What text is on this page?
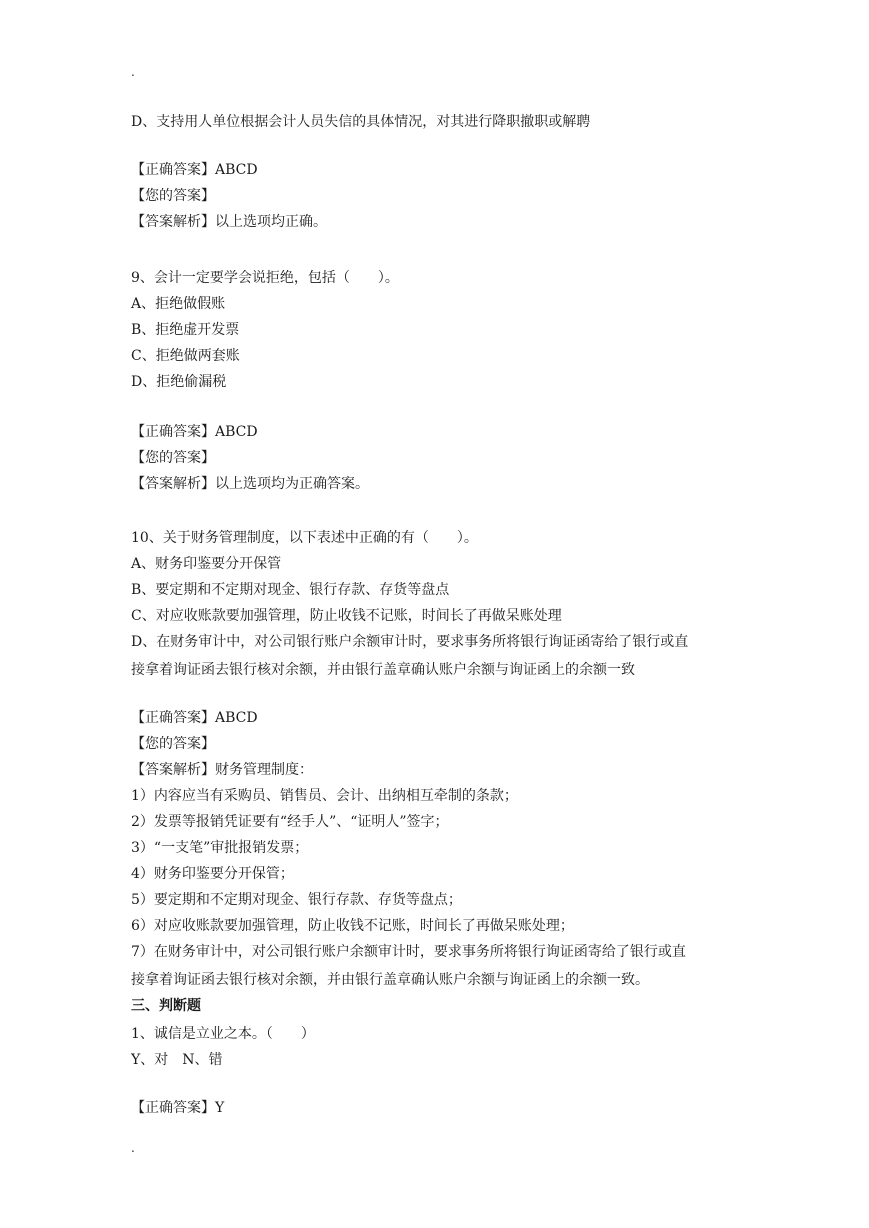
.
D、支持用人单位根据会计人员失信的具体情况，对其进行降职撤职或解聘
【正确答案】ABCD
【您的答案】
【答案解析】以上选项均正确。
9、会计一定要学会说拒绝，包括（　　）。
A、拒绝做假账
B、拒绝虚开发票
C、拒绝做两套账
D、拒绝偷漏税
【正确答案】ABCD
【您的答案】
【答案解析】以上选项均为正确答案。
10、关于财务管理制度，以下表述中正确的有（　　）。
A、财务印鉴要分开保管
B、要定期和不定期对现金、银行存款、存货等盘点
C、对应收账款要加强管理，防止收钱不记账，时间长了再做呆账处理
D、在财务审计中，对公司银行账户余额审计时，要求事务所将银行询证函寄给了银行或直
接拿着询证函去银行核对余额，并由银行盖章确认账户余额与询证函上的余额一致
【正确答案】ABCD
【您的答案】
【答案解析】财务管理制度：
1）内容应当有采购员、销售员、会计、出纳相互牵制的条款；
2）发票等报销凭证要有“经手人”、“证明人”签字；
3）“一支笔”审批报销发票；
4）财务印鉴要分开保管；
5）要定期和不定期对现金、银行存款、存货等盘点；
6）对应收账款要加强管理，防止收钱不记账，时间长了再做呆账处理；
7）在财务审计中，对公司银行账户余额审计时，要求事务所将银行询证函寄给了银行或直
接拿着询证函去银行核对余额，并由银行盖章确认账户余额与询证函上的余额一致。
三、判断题
1、诚信是立业之本。（　　）
Y、对　N、错
【正确答案】Y
.
